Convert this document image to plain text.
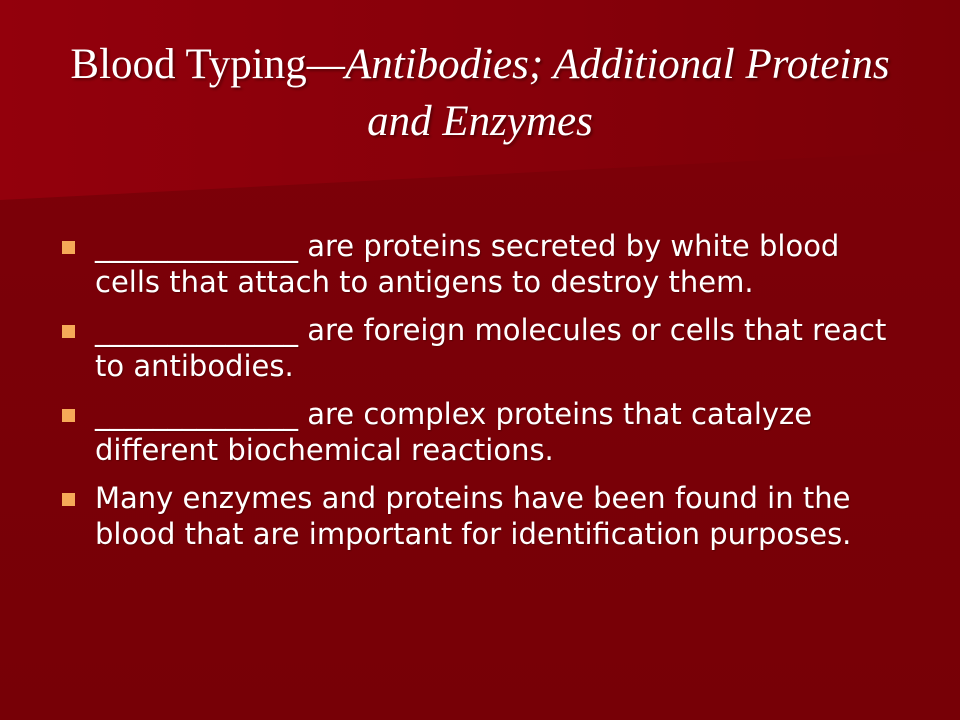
Blood Typing—Antibodies; Additional Proteins and Enzymes
______________ are proteins secreted by white blood cells that attach to antigens to destroy them.
______________ are foreign molecules or cells that react to antibodies.
______________ are complex proteins that catalyze different biochemical reactions.
Many enzymes and proteins have been found in the blood that are important for identification purposes.
